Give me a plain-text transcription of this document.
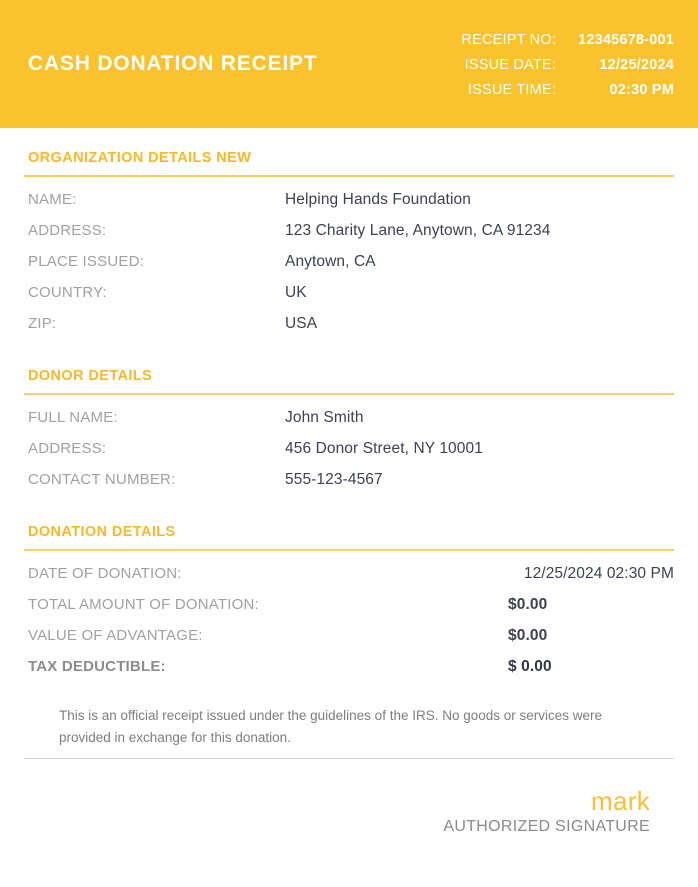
CASH DONATION RECEIPT
RECEIPT NO:	12345678-001
ISSUE DATE:	12/25/2024
ISSUE TIME:	02:30 PM
ORGANIZATION DETAILS NEW
NAME:	Helping Hands Foundation
ADDRESS:	123 Charity Lane, Anytown, CA 91234
PLACE ISSUED:	Anytown, CA
COUNTRY:	UK
ZIP:	USA
DONOR DETAILS
FULL NAME:	John Smith
ADDRESS:	456 Donor Street, NY 10001
CONTACT NUMBER:	555-123-4567
DONATION DETAILS
DATE OF DONATION:	12/25/2024 02:30 PM
TOTAL AMOUNT OF DONATION:	$0.00
VALUE OF ADVANTAGE:	$0.00
TAX DEDUCTIBLE:	$ 0.00
This is an official receipt issued under the guidelines of the IRS. No goods or services were provided in exchange for this donation.
mark
AUTHORIZED SIGNATURE
